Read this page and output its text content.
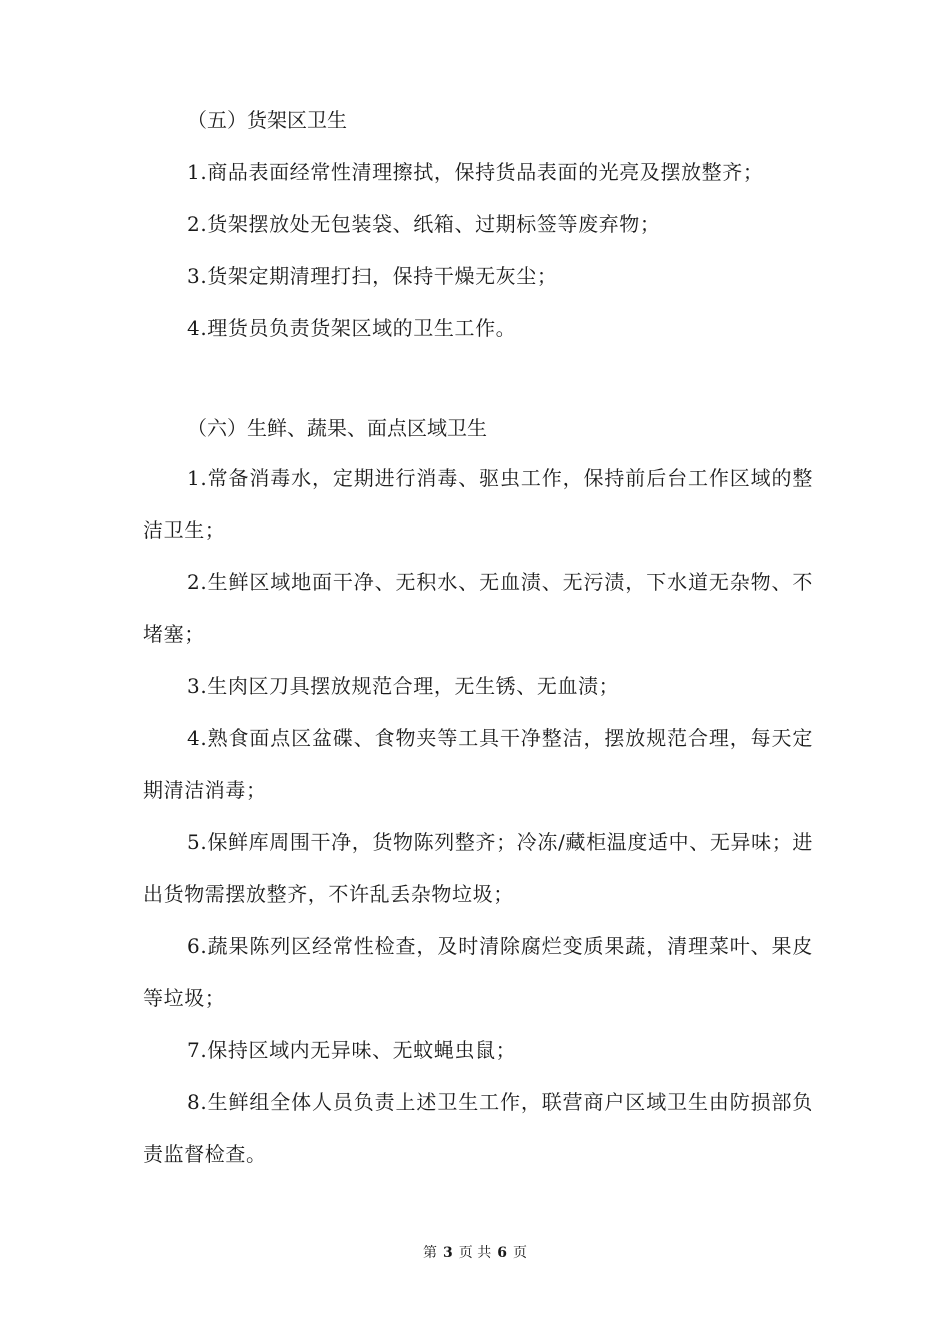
（五）货架区卫生

1.商品表面经常性清理擦拭，保持货品表面的光亮及摆放整齐；

2.货架摆放处无包装袋、纸箱、过期标签等废弃物；

3.货架定期清理打扫，保持干燥无灰尘；

4.理货员负责货架区域的卫生工作。

（六）生鲜、蔬果、面点区域卫生

1.常备消毒水，定期进行消毒、驱虫工作，保持前后台工作区域的整洁卫生；

2.生鲜区域地面干净、无积水、无血渍、无污渍，下水道无杂物、不堵塞；

3.生肉区刀具摆放规范合理，无生锈、无血渍；

4.熟食面点区盆碟、食物夹等工具干净整洁，摆放规范合理，每天定期清洁消毒；

5.保鲜库周围干净，货物陈列整齐；冷冻/藏柜温度适中、无异味；进出货物需摆放整齐，不许乱丢杂物垃圾；

6.蔬果陈列区经常性检查，及时清除腐烂变质果蔬，清理菜叶、果皮等垃圾；

7.保持区域内无异味、无蚊蝇虫鼠；

8.生鲜组全体人员负责上述卫生工作，联营商户区域卫生由防损部负责监督检查。

第 3 页 共 6 页
